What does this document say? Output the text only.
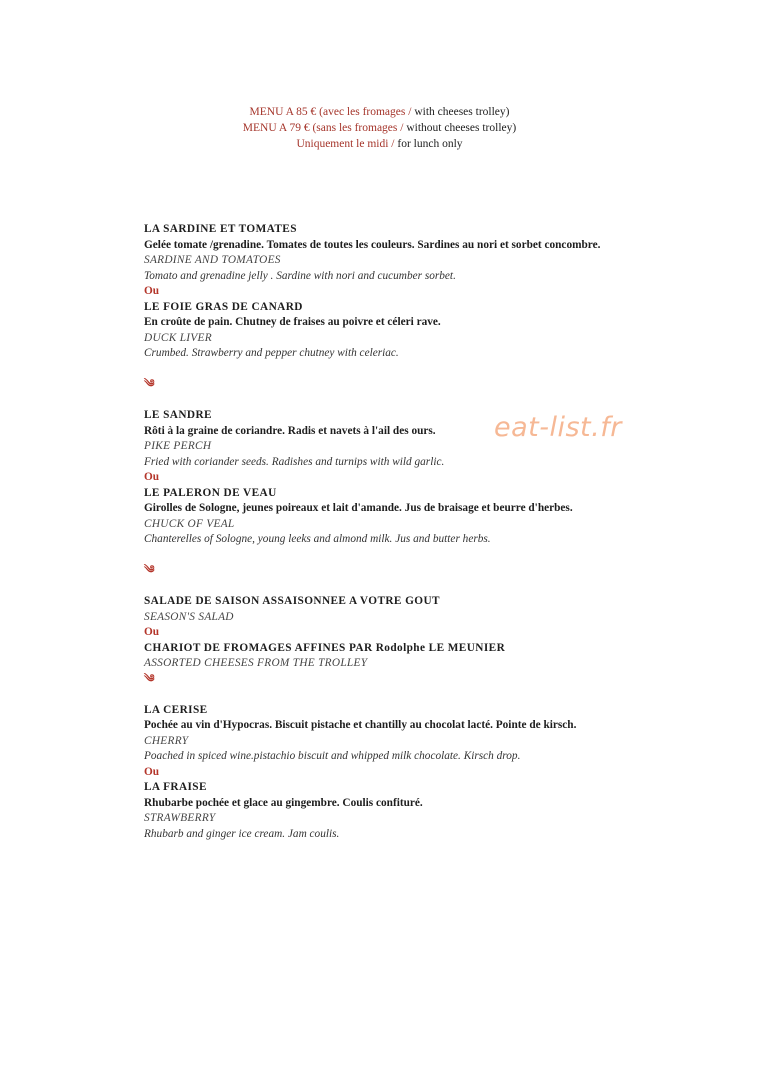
MENU A 85 € (avec les fromages / with cheeses trolley)
MENU A 79 € (sans les fromages / without cheeses trolley)
Uniquement le midi / for lunch only
eat-list.fr
LA SARDINE ET TOMATES
Gelée tomate /grenadine. Tomates de toutes les couleurs. Sardines au nori et sorbet concombre.
SARDINE AND TOMATOES
Tomato and grenadine jelly . Sardine with nori and cucumber sorbet.
Ou
LE FOIE GRAS DE CANARD
En croûte de pain. Chutney de fraises au poivre et céleri rave.
DUCK LIVER
Crumbed. Strawberry and pepper chutney with celeriac.
༄
LE SANDRE
Rôti à la graine de coriandre. Radis et navets à l'ail des ours.
PIKE PERCH
Fried with coriander seeds. Radishes and turnips with wild garlic.
Ou
LE PALERON DE VEAU
Girolles de Sologne, jeunes poireaux et lait d'amande. Jus de braisage et beurre d'herbes.
CHUCK OF VEAL
Chanterelles of Sologne, young leeks and almond milk. Jus and butter herbs.
༄
SALADE DE SAISON ASSAISONNEE A VOTRE GOUT
SEASON'S SALAD
Ou
CHARIOT DE FROMAGES AFFINES PAR Rodolphe LE MEUNIER
ASSORTED CHEESES FROM THE TROLLEY
༄
LA CERISE
Pochée au vin d'Hypocras. Biscuit pistache et chantilly au chocolat lacté. Pointe de kirsch.
CHERRY
Poached in spiced wine.pistachio biscuit and whipped milk chocolate. Kirsch drop.
Ou
LA FRAISE
Rhubarbe pochée et glace au gingembre. Coulis confituré.
STRAWBERRY
Rhubarb and ginger ice cream. Jam coulis.
